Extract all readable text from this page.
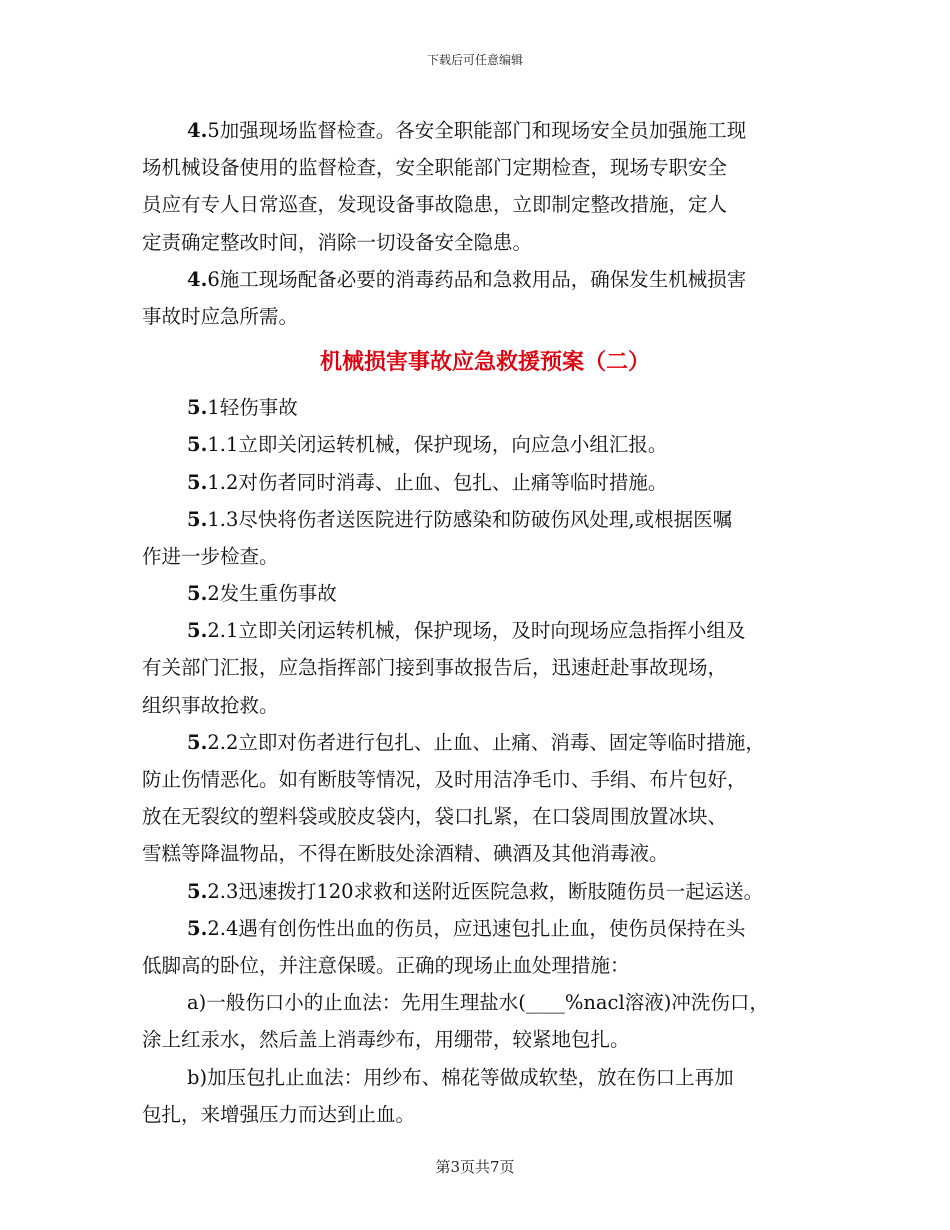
下载后可任意编辑
4.5加强现场监督检查。各安全职能部门和现场安全员加强施工现
场机械设备使用的监督检查，安全职能部门定期检查，现场专职安全
员应有专人日常巡查，发现设备事故隐患，立即制定整改措施，定人
定责确定整改时间，消除一切设备安全隐患。
4.6施工现场配备必要的消毒药品和急救用品，确保发生机械损害
事故时应急所需。
机械损害事故应急救援预案（二）
5.1轻伤事故
5.1.1立即关闭运转机械，保护现场，向应急小组汇报。
5.1.2对伤者同时消毒、止血、包扎、止痛等临时措施。
5.1.3尽快将伤者送医院进行防感染和防破伤风处理,或根据医嘱
作进一步检查。
5.2发生重伤事故
5.2.1立即关闭运转机械，保护现场，及时向现场应急指挥小组及
有关部门汇报，应急指挥部门接到事故报告后，迅速赶赴事故现场，
组织事故抢救。
5.2.2立即对伤者进行包扎、止血、止痛、消毒、固定等临时措施，
防止伤情恶化。如有断肢等情况，及时用洁净毛巾、手绢、布片包好，
放在无裂纹的塑料袋或胶皮袋内，袋口扎紧，在口袋周围放置冰块、
雪糕等降温物品，不得在断肢处涂酒精、碘酒及其他消毒液。
5.2.3迅速拨打120求救和送附近医院急救，断肢随伤员一起运送。
5.2.4遇有创伤性出血的伤员，应迅速包扎止血，使伤员保持在头
低脚高的卧位，并注意保暖。正确的现场止血处理措施：
a)一般伤口小的止血法：先用生理盐水(____%nacl溶液)冲洗伤口，
涂上红汞水，然后盖上消毒纱布，用绷带，较紧地包扎。
b)加压包扎止血法：用纱布、棉花等做成软垫，放在伤口上再加
包扎，来增强压力而达到止血。
第3页共7页
